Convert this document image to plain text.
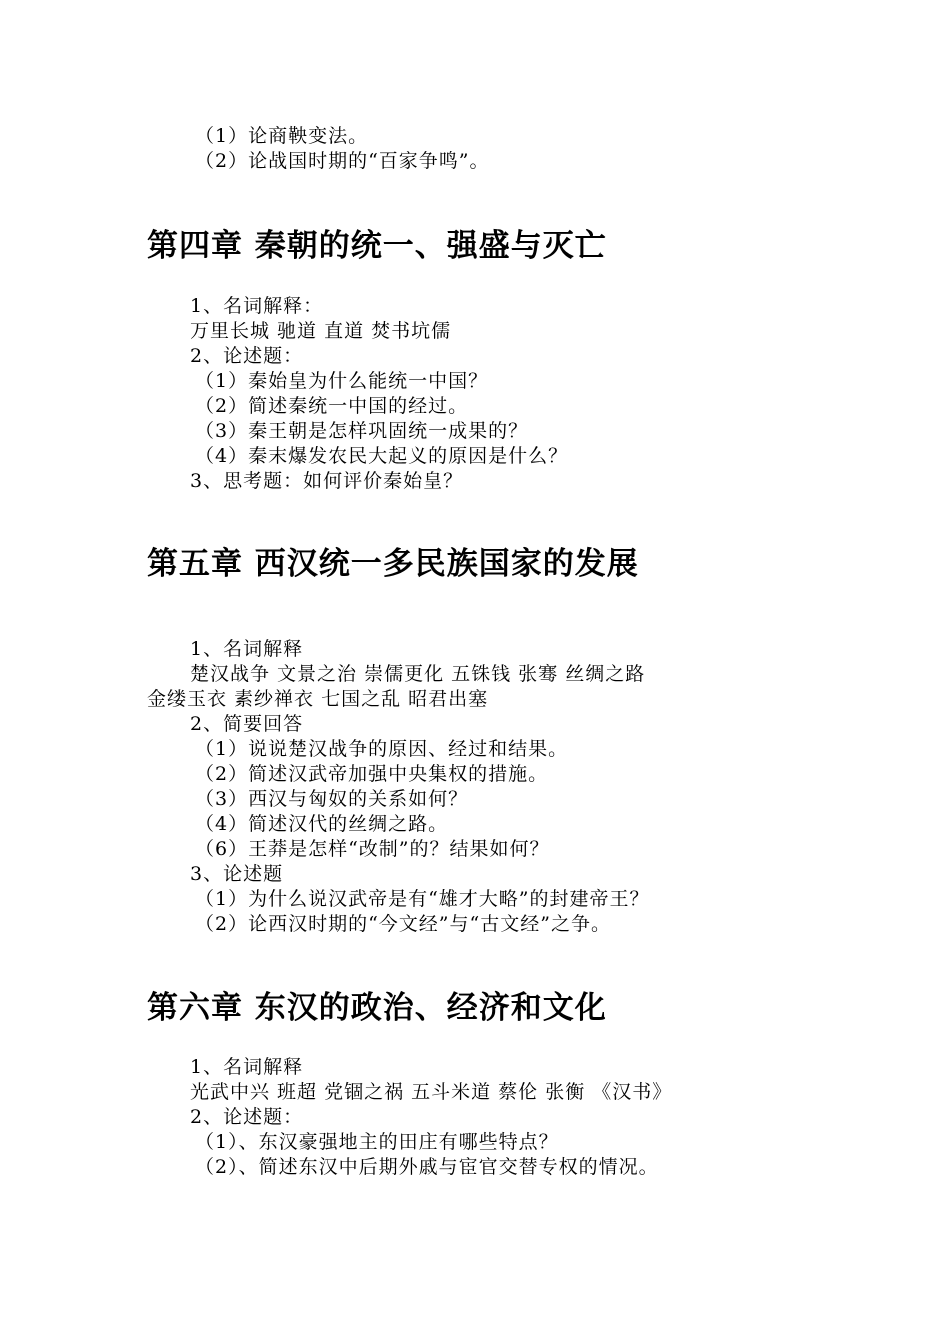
（1）论商鞅变法。
（2）论战国时期的“百家争鸣”。
第四章 秦朝的统一、强盛与灭亡
1、名词解释：
万里长城 驰道 直道 焚书坑儒
2、论述题：
（1）秦始皇为什么能统一中国？
（2）简述秦统一中国的经过。
（3）秦王朝是怎样巩固统一成果的？
（4）秦末爆发农民大起义的原因是什么？
3、思考题：如何评价秦始皇？
第五章 西汉统一多民族国家的发展
1、名词解释
楚汉战争 文景之治 崇儒更化 五铢钱 张骞 丝绸之路
金缕玉衣 素纱禅衣 七国之乱 昭君出塞
2、简要回答
（1）说说楚汉战争的原因、经过和结果。
（2）简述汉武帝加强中央集权的措施。
（3）西汉与匈奴的关系如何？
（4）简述汉代的丝绸之路。
（6）王莽是怎样“改制”的？结果如何？
3、论述题
（1）为什么说汉武帝是有“雄才大略”的封建帝王？
（2）论西汉时期的“今文经”与“古文经”之争。
第六章 东汉的政治、经济和文化
1、名词解释
光武中兴 班超 党锢之祸 五斗米道 蔡伦 张衡 《汉书》
2、论述题：
（1）、东汉豪强地主的田庄有哪些特点？
（2）、简述东汉中后期外戚与宦官交替专权的情况。
